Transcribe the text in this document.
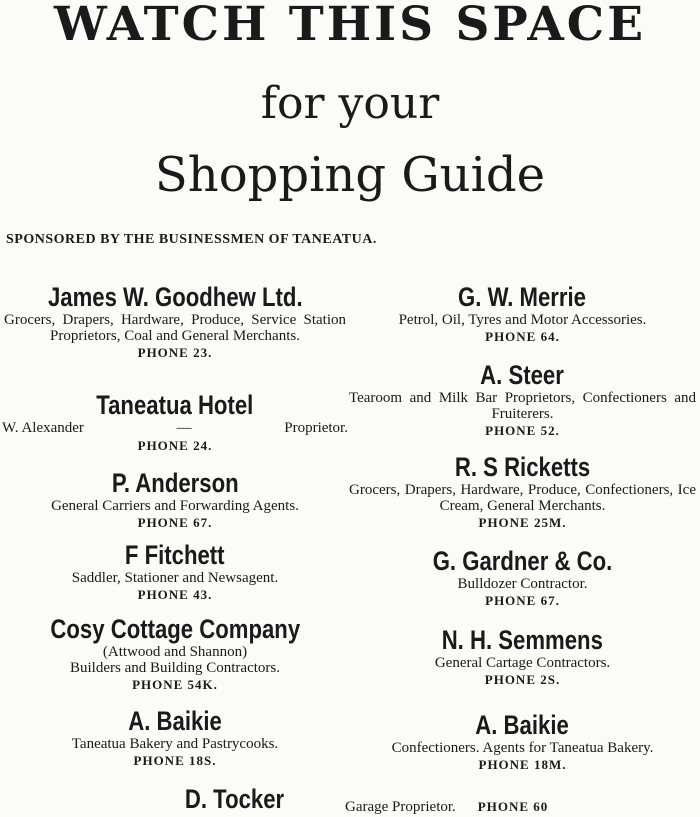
WATCH THIS SPACE
for your
Shopping Guide
SPONSORED BY THE BUSINESSMEN OF TANEATUA.
James W. Goodhew Ltd.
Grocers, Drapers, Hardware, Produce, Service Station Proprietors, Coal and General Merchants.
PHONE 23.
Taneatua Hotel
W. Alexander	—	Proprietor.
PHONE 24.
P. Anderson
General Carriers and Forwarding Agents.
PHONE 67.
F Fitchett
Saddler, Stationer and Newsagent.
PHONE 43.
Cosy Cottage Company
(Attwood and Shannon)
Builders and Building Contractors.
PHONE 54K.
A. Baikie
Taneatua Bakery and Pastrycooks.
PHONE 18S.
D. Tocker
G. W. Merrie
Petrol, Oil, Tyres and Motor Accessories.
PHONE 64.
A. Steer
Tearoom and Milk Bar Proprietors, Confectioners and Fruiterers.
PHONE 52.
R. S Ricketts
Grocers, Drapers, Hardware, Produce, Confectioners, Ice Cream, General Merchants.
PHONE 25M.
G. Gardner & Co.
Bulldozer Contractor.
PHONE 67.
N. H. Semmens
General Cartage Contractors.
PHONE 2S.
A. Baikie
Confectioners. Agents for Taneatua Bakery.
PHONE 18M.
Garage Proprietor. PHONE 60
